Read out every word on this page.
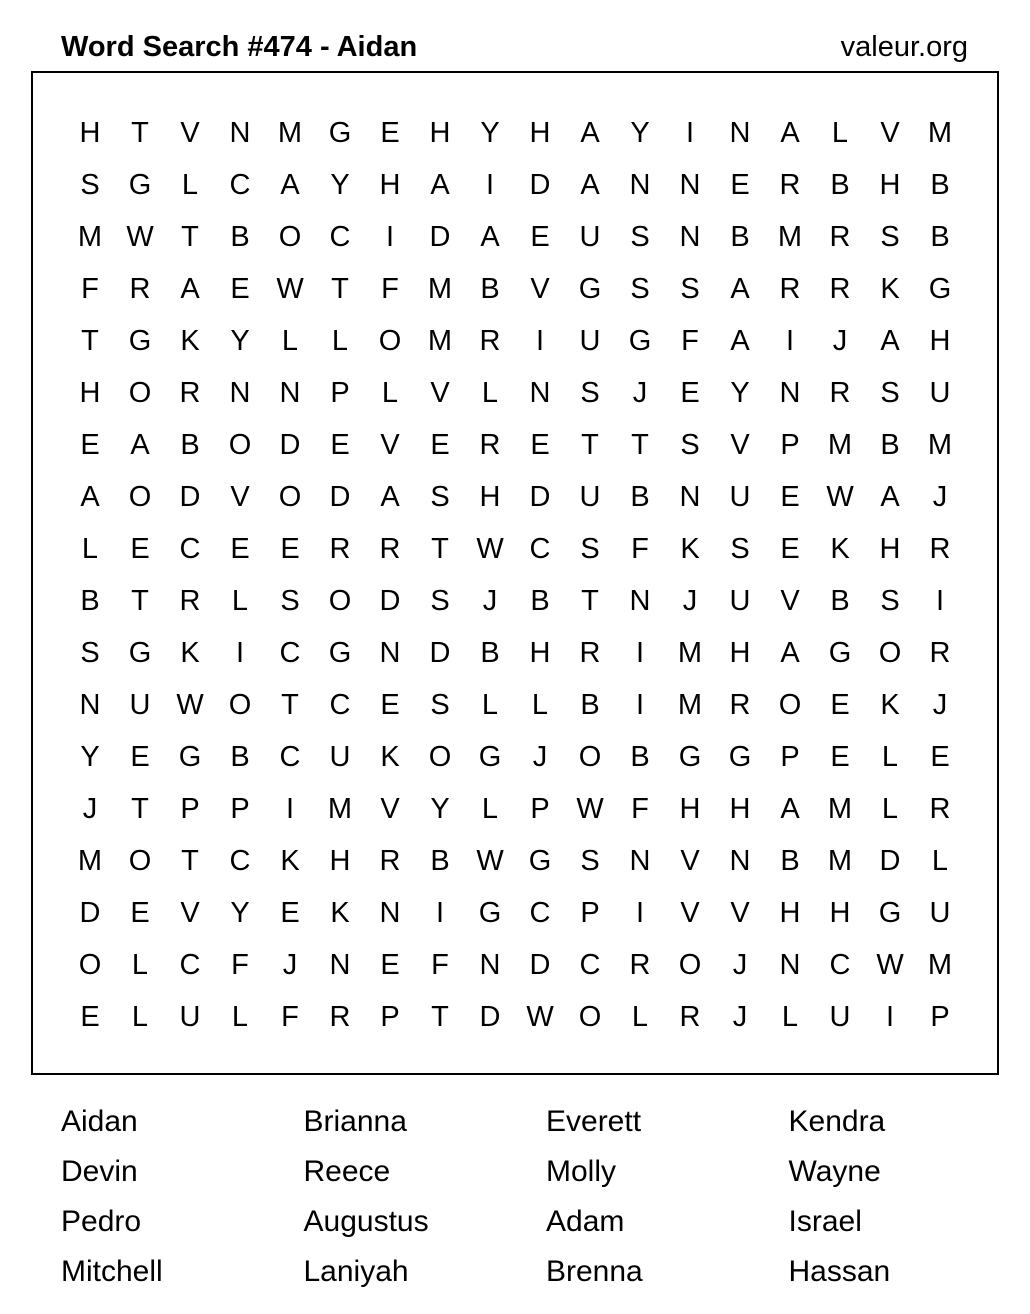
Word Search #474 - Aidan	valeur.org
H	T	V	N M G	E	H	Y	H	A	Y	I	N	A	L	V M
S	G	L	C	A	Y	H	A	I	D	A	N	N	E	R	B	H	B
M W T	B	O C	I	D	A	E	U	S	N	B M R	S	B
F	R	A	E W T	F	M B	V	G	S	S	A	R	R	K	G
T	G	K	Y	L	L	O M R	I	U G	F	A	I	J	A	H
H O R	N	N	P	L	V	L	N	S	J	E	Y	N	R	S	U
E	A	B	O D	E	V	E	R	E	T	T	S	V	P M B M
A	O D	V	O D	A	S	H	D	U	B	N	U	E W A	J
L	E	C	E	E	R	R	T W C	S	F	K	S	E	K	H	R
B	T	R	L	S	O D	S	J	B	T	N	J	U	V	B	S	I
S	G	K	I	C G N	D	B	H	R	I	M H	A	G O R
N	U W O	T	C	E	S	L	L	B	I	M R O	E	K	J
Y	E	G	B	C	U	K	O G	J	O	B	G G	P	E	L	E
J	T	P	P	I	M V	Y	L	P W F	H	H	A M	L	R
M O	T	C	K	H	R	B W G	S	N	V	N	B M D	L
D	E	V	Y	E	K	N	I	G C	P	I	V	V	H	H G U
O	L	C	F	J	N	E	F	N	D	C	R O	J	N	C W M
E	L	U	L	F	R	P	T	D W O	L	R	J	L	U	I	P
Aidan	Brianna	Everett	Kendra
Devin	Reece	Molly	Wayne
Pedro	Augustus	Adam	Israel
Mitchell	Laniyah	Brenna	Hassan
